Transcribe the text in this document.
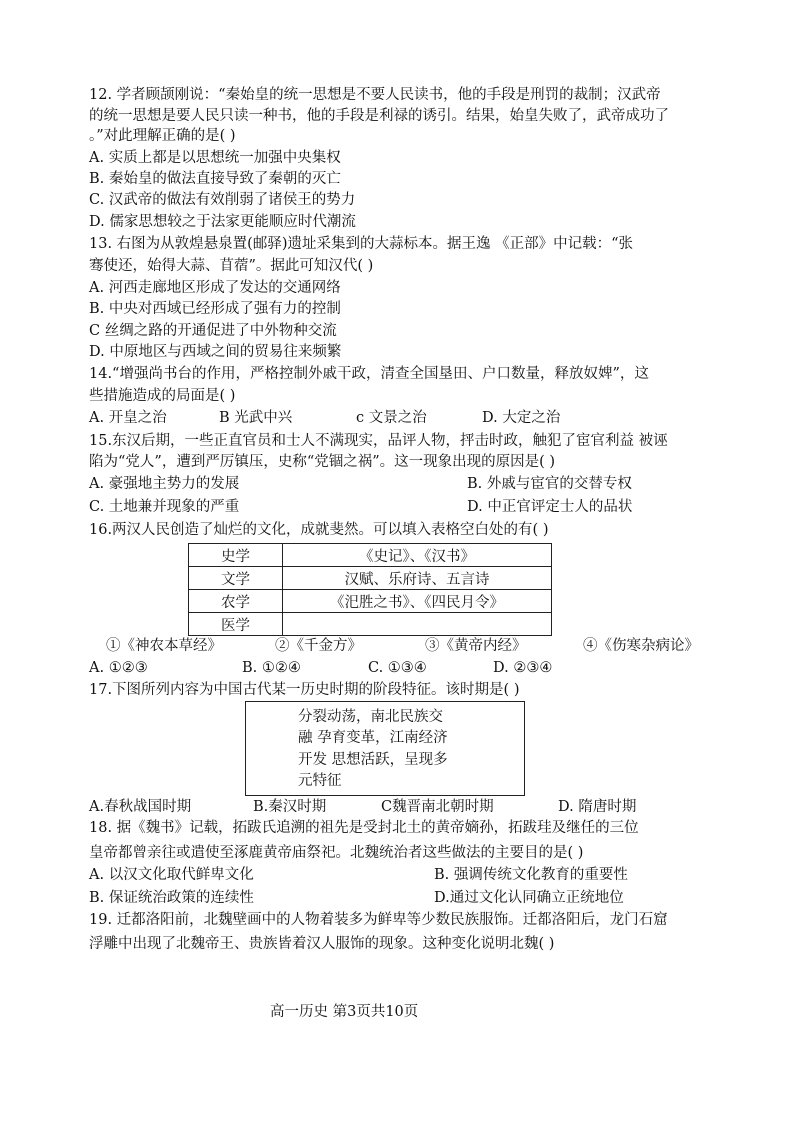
12. 学者顾颉刚说：“秦始皇的统一思想是不要人民读书，他的手段是刑罚的裁制；汉武帝
的统一思想是要人民只读一种书，他的手段是利禄的诱引。结果，始皇失败了，武帝成功了
。”对此理解正确的是( )
A. 实质上都是以思想统一加强中央集权
B. 秦始皇的做法直接导致了秦朝的灭亡
C. 汉武帝的做法有效削弱了诸侯王的势力
D. 儒家思想较之于法家更能顺应时代潮流
13. 右图为从敦煌悬泉置(邮驿)遗址采集到的大蒜标本。据王逸 《正部》中记载：“张
骞使还，始得大蒜、苜蓿”。据此可知汉代( )
A. 河西走廊地区形成了发达的交通网络
B. 中央对西域已经形成了强有力的控制
C 丝绸之路的开通促进了中外物种交流
D. 中原地区与西域之间的贸易往来频繁
14.“增强尚书台的作用，严格控制外戚干政，清查全国垦田、户口数量，释放奴婢”，这
些措施造成的局面是( )
A. 开皇之治	B 光武中兴	c 文景之治	D. 大定之治
15.东汉后期，一些正直官员和士人不满现实，品评人物，抨击时政，触犯了宦官利益 被诬
陷为“党人”，遭到严厉镇压，史称“党锢之祸”。这一现象出现的原因是( )
A. 豪强地主势力的发展	B. 外戚与宦官的交替专权
C. 土地兼并现象的严重	D. 中正官评定士人的品状
16.两汉人民创造了灿烂的文化，成就斐然。可以填入表格空白处的有( )
史学	《史记》、《汉书》
文学	汉赋、乐府诗、五言诗
农学	《汜胜之书》、《四民月令》
医学	
①《神农本草经》	②《千金方》	③《黄帝内经》	④《伤寒杂病论》
A. ①②③	B. ①②④	C. ①③④	D. ②③④
17.下图所列内容为中国古代某一历史时期的阶段特征。该时期是( )
分裂动荡，南北民族交
融 孕育变革，江南经济
开发 思想活跃，呈现多
元特征
A.春秋战国时期	B.秦汉时期	C魏晋南北朝时期	D. 隋唐时期
18. 据《魏书》记载，拓跋氏追溯的祖先是受封北土的黄帝嫡孙，拓跋珪及继任的三位
皇帝都曾亲往或遣使至涿鹿黄帝庙祭祀。北魏统治者这些做法的主要目的是( )
A. 以汉文化取代鲜卑文化	B. 强调传统文化教育的重要性
B. 保证统治政策的连续性	D.通过文化认同确立正统地位
19. 迁都洛阳前，北魏壁画中的人物着装多为鲜卑等少数民族服饰。迁都洛阳后，龙门石窟
浮雕中出现了北魏帝王、贵族皆着汉人服饰的现象。这种变化说明北魏( )
高一历史 第3页共10页
